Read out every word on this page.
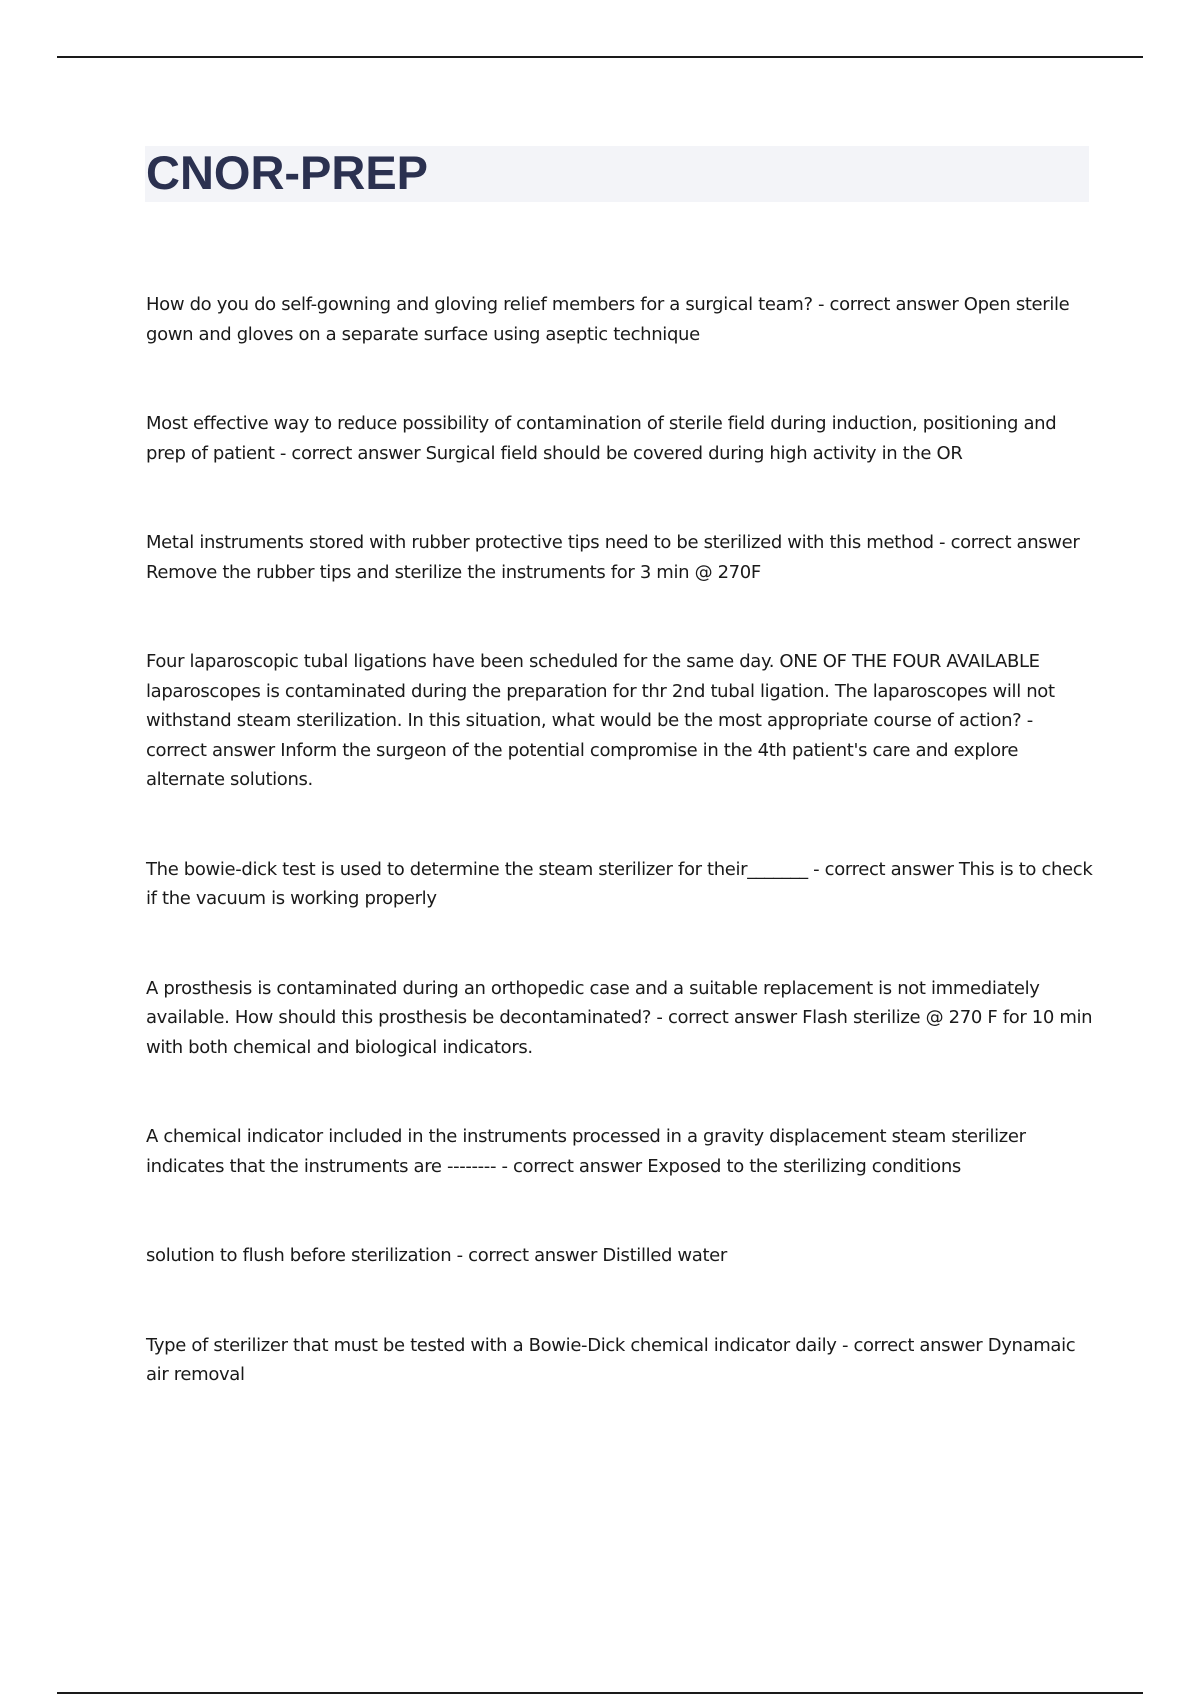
CNOR-PREP

How do you do self-gowning and gloving relief members for a surgical team? - correct answer Open sterile gown and gloves on a separate surface using aseptic technique

Most effective way to reduce possibility of contamination of sterile field during induction, positioning and prep of patient - correct answer Surgical field should be covered during high activity in the OR

Metal instruments stored with rubber protective tips need to be sterilized with this method - correct answer Remove the rubber tips and sterilize the instruments for 3 min @ 270F

Four laparoscopic tubal ligations have been scheduled for the same day. ONE OF THE FOUR AVAILABLE laparoscopes is contaminated during the preparation for thr 2nd tubal ligation. The laparoscopes will not withstand steam sterilization. In this situation, what would be the most appropriate course of action? - correct answer Inform the surgeon of the potential compromise in the 4th patient's care and explore alternate solutions.

The bowie-dick test is used to determine the steam sterilizer for their_______ - correct answer This is to check if the vacuum is working properly

A prosthesis is contaminated during an orthopedic case and a suitable replacement is not immediately available. How should this prosthesis be decontaminated? - correct answer Flash sterilize @ 270 F for 10 min with both chemical and biological indicators.

A chemical indicator included in the instruments processed in a gravity displacement steam sterilizer indicates that the instruments are -------- - correct answer Exposed to the sterilizing conditions

solution to flush before sterilization - correct answer Distilled water

Type of sterilizer that must be tested with a Bowie-Dick chemical indicator daily - correct answer Dynamaic air removal
